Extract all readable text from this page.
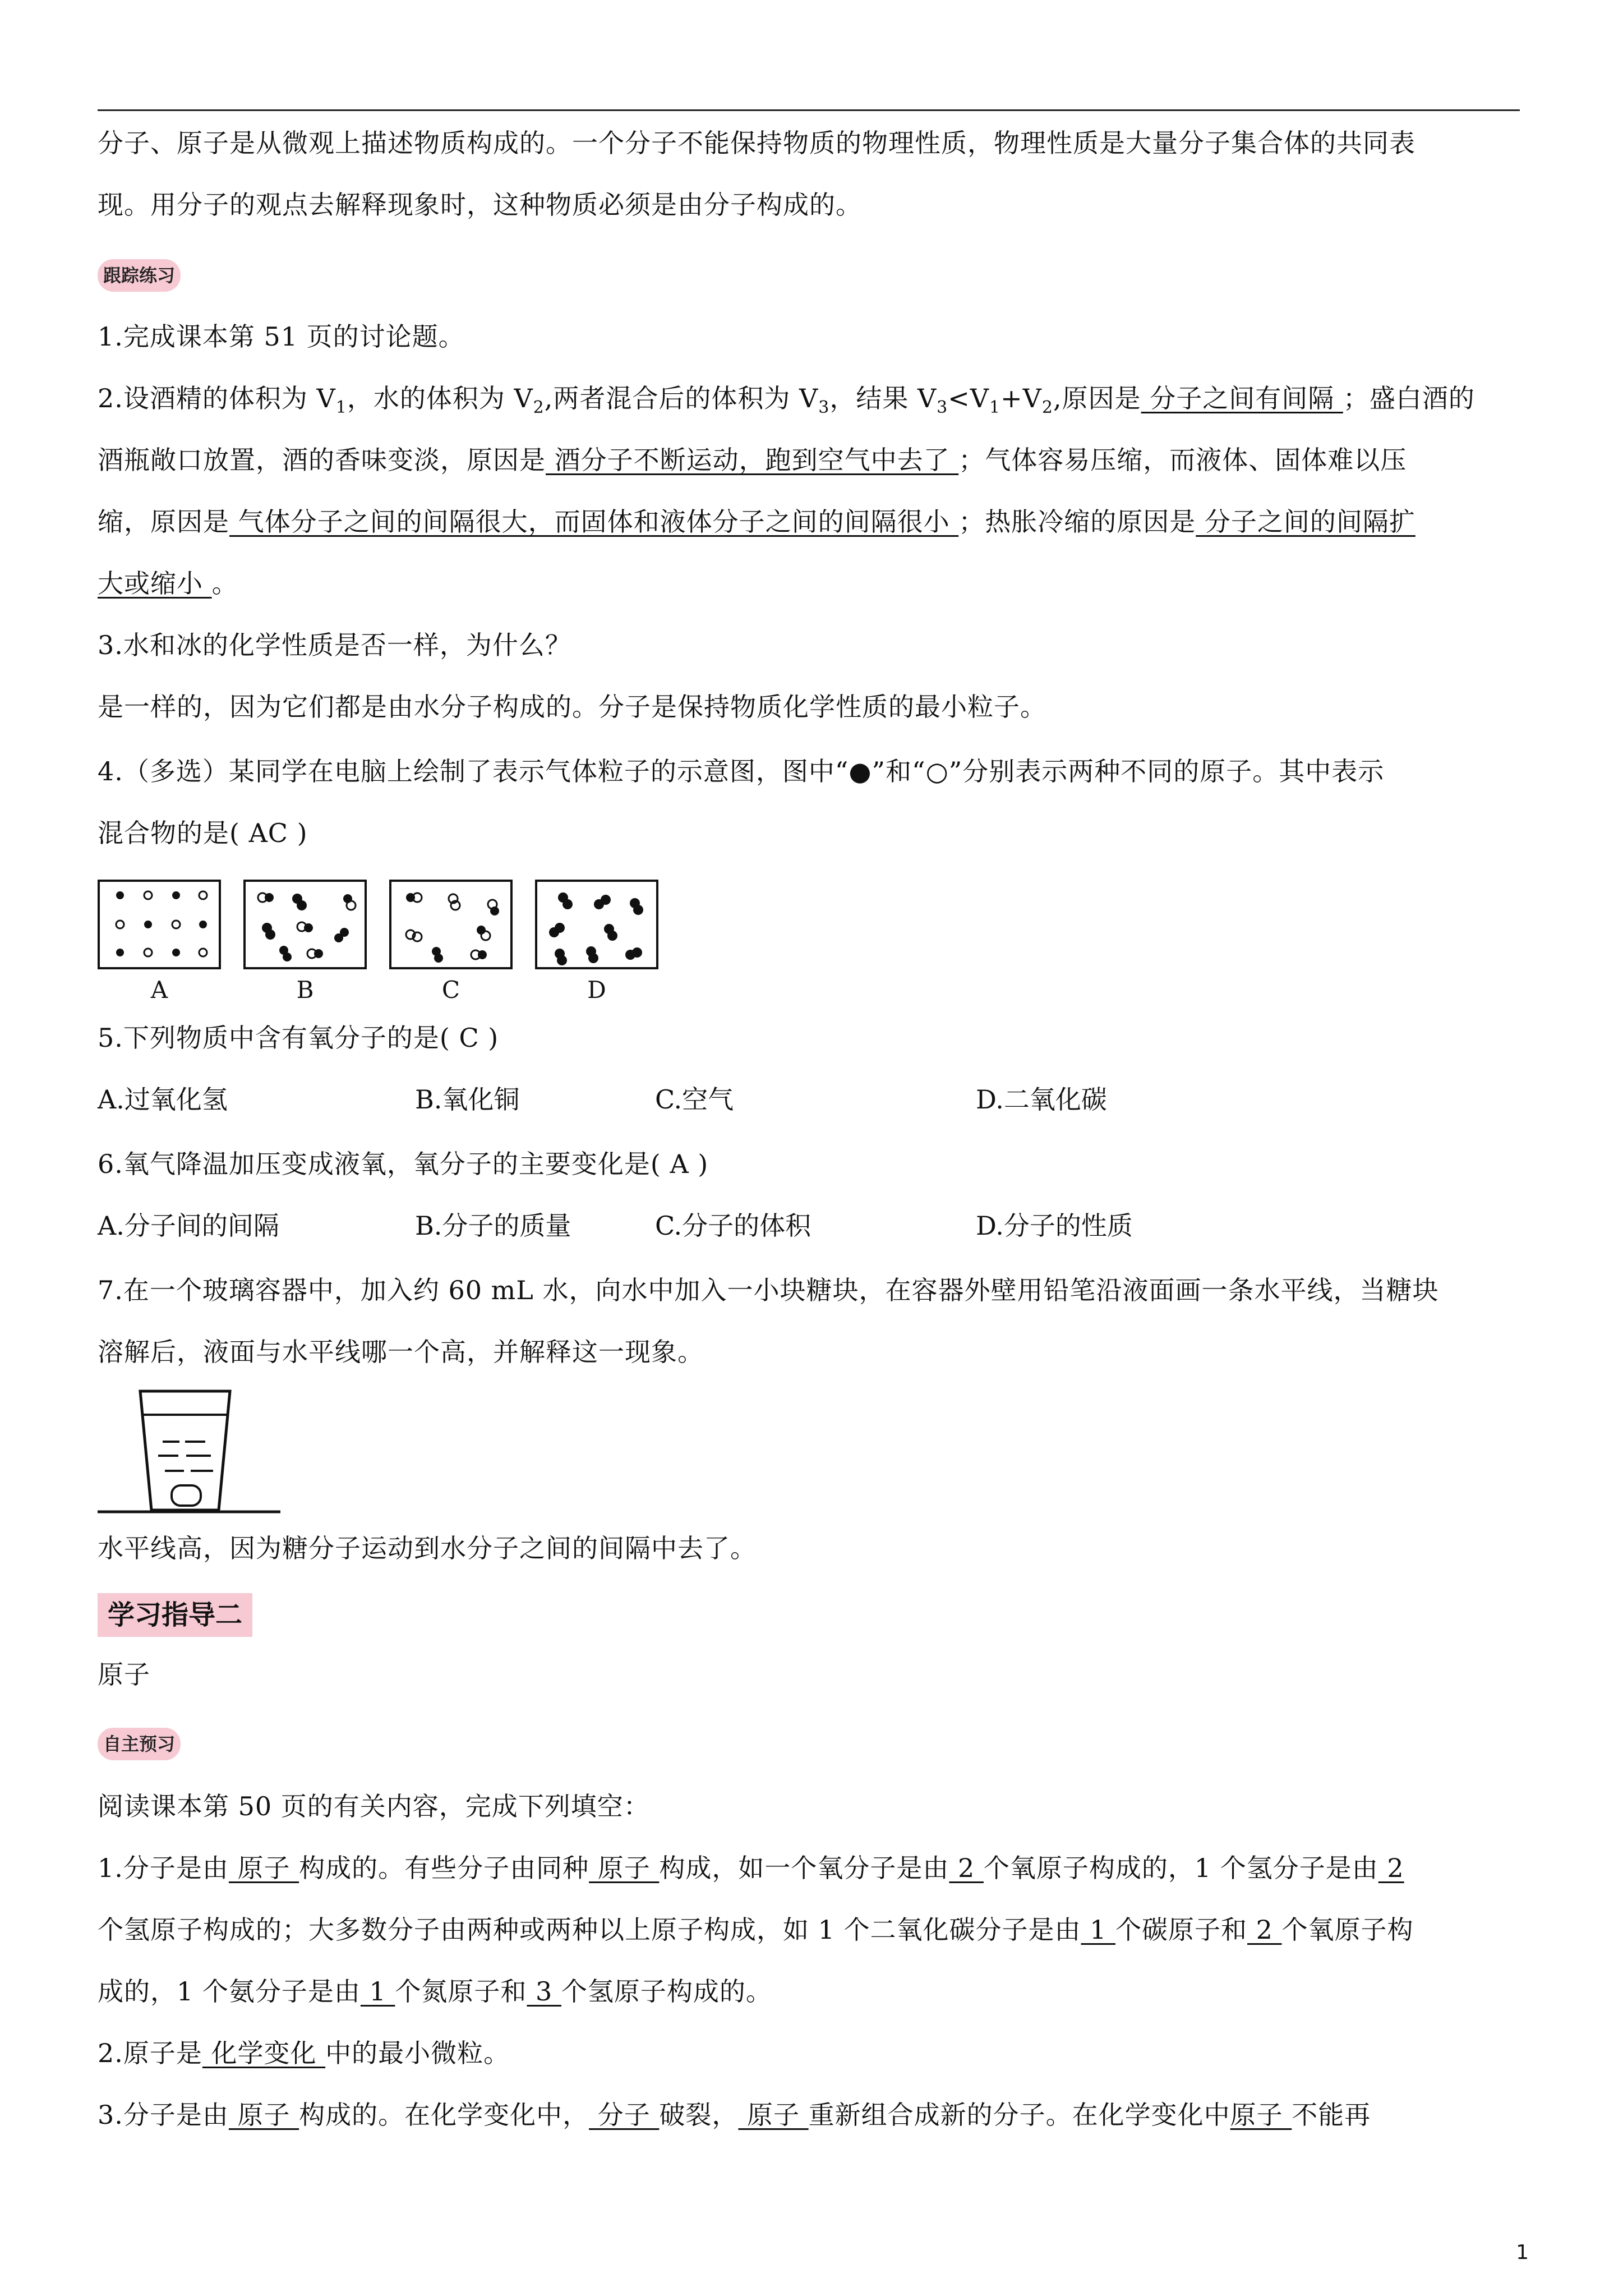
分子、原子是从微观上描述物质构成的。一个分子不能保持物质的物理性质，物理性质是大量分子集合体的共同表
现。用分子的观点去解释现象时，这种物质必须是由分子构成的。
跟踪练习
1.完成课本第 51 页的讨论题。
2.设酒精的体积为 $V_1$，水的体积为 $V_2$,两者混合后的体积为 $V_3$，结果 $V_3<V_1+V_2$,原因是 分子之间有间隔 ；盛白酒的
酒瓶敞口放置，酒的香味变淡，原因是 酒分子不断运动，跑到空气中去了 ；气体容易压缩，而液体、固体难以压
缩，原因是 气体分子之间的间隔很大，而固体和液体分子之间的间隔很小 ；热胀冷缩的原因是 分子之间的间隔扩
大或缩小 。
3.水和冰的化学性质是否一样，为什么？
是一样的，因为它们都是由水分子构成的。分子是保持物质化学性质的最小粒子。
4.（多选）某同学在电脑上绘制了表示气体粒子的示意图，图中“●”和“○”分别表示两种不同的原子。其中表示
混合物的是( AC )
A	B	C	D
5.下列物质中含有氧分子的是( C )
A.过氧化氢	B.氧化铜	C.空气	D.二氧化碳
6.氧气降温加压变成液氧，氧分子的主要变化是( A )
A.分子间的间隔	B.分子的质量	C.分子的体积	D.分子的性质
7.在一个玻璃容器中，加入约 60 mL 水，向水中加入一小块糖块，在容器外壁用铅笔沿液面画一条水平线，当糖块
溶解后，液面与水平线哪一个高，并解释这一现象。
水平线高，因为糖分子运动到水分子之间的间隔中去了。
学习指导二
原子
自主预习
阅读课本第 50 页的有关内容，完成下列填空：
1.分子是由 原子 构成的。有些分子由同种 原子 构成，如一个氧分子是由 2 个氧原子构成的，1 个氢分子是由 2
个氢原子构成的；大多数分子由两种或两种以上原子构成，如 1 个二氧化碳分子是由 1 个碳原子和 2 个氧原子构
成的，1 个氨分子是由 1 个氮原子和 3 个氢原子构成的。
2.原子是 化学变化 中的最小微粒。
3.分子是由 原子 构成的。在化学变化中， 分子 破裂， 原子 重新组合成新的分子。在化学变化中原子 不能再
1
